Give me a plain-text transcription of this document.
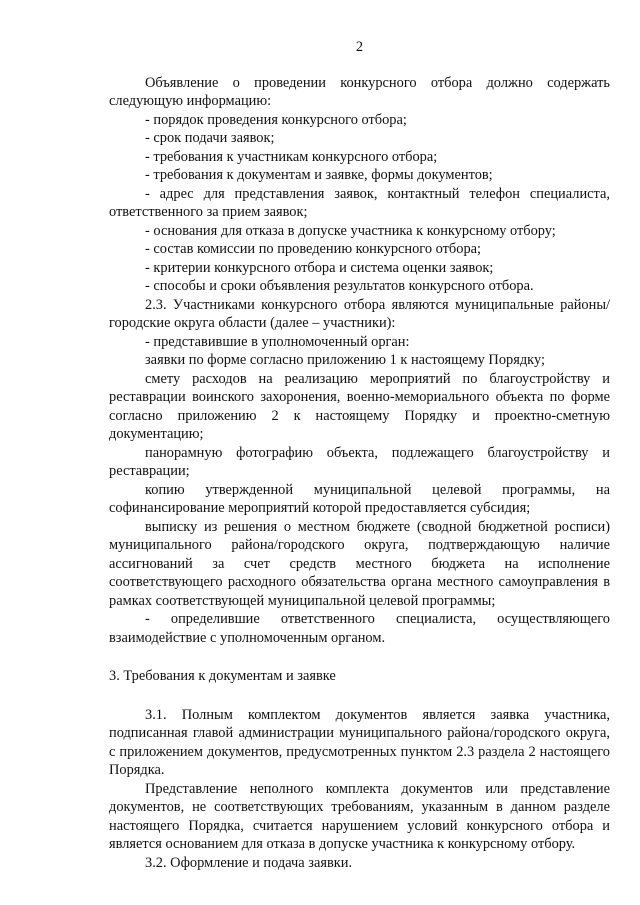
2

Объявление о проведении конкурсного отбора должно содержать следующую информацию:

- порядок проведения конкурсного отбора;

- срок подачи заявок;

- требования к участникам конкурсного отбора;

- требования к документам и заявке, формы документов;

- адрес для представления заявок, контактный телефон специалиста, ответственного за прием заявок;

- основания для отказа в допуске участника к конкурсному отбору;

- состав комиссии по проведению конкурсного отбора;

- критерии конкурсного отбора и система оценки заявок;

- способы и сроки объявления результатов конкурсного отбора.

2.3. Участниками конкурсного отбора являются муниципальные районы/городские округа области (далее – участники):

- представившие в уполномоченный орган:

заявки по форме согласно приложению 1 к настоящему Порядку;

смету расходов на реализацию мероприятий по благоустройству и реставрации воинского захоронения, военно-мемориального объекта по форме согласно приложению 2 к настоящему Порядку и проектно-сметную документацию;

панорамную фотографию объекта, подлежащего благоустройству и реставрации;

копию утвержденной муниципальной целевой программы, на софинансирование мероприятий которой предоставляется субсидия;

выписку из решения о местном бюджете (сводной бюджетной росписи) муниципального района/городского округа, подтверждающую наличие ассигнований за счет средств местного бюджета на исполнение соответствующего расходного обязательства органа местного самоуправления в рамках соответствующей муниципальной целевой программы;

- определившие ответственного специалиста, осуществляющего взаимодействие с уполномоченным органом.

3. Требования к документам и заявке

3.1. Полным комплектом документов является заявка участника, подписанная главой администрации муниципального района/городского округа, с приложением документов, предусмотренных пунктом 2.3 раздела 2 настоящего Порядка.

Представление неполного комплекта документов или представление документов, не соответствующих требованиям, указанным в данном разделе настоящего Порядка, считается нарушением условий конкурсного отбора и является основанием для отказа в допуске участника к конкурсному отбору.

3.2. Оформление и подача заявки.
